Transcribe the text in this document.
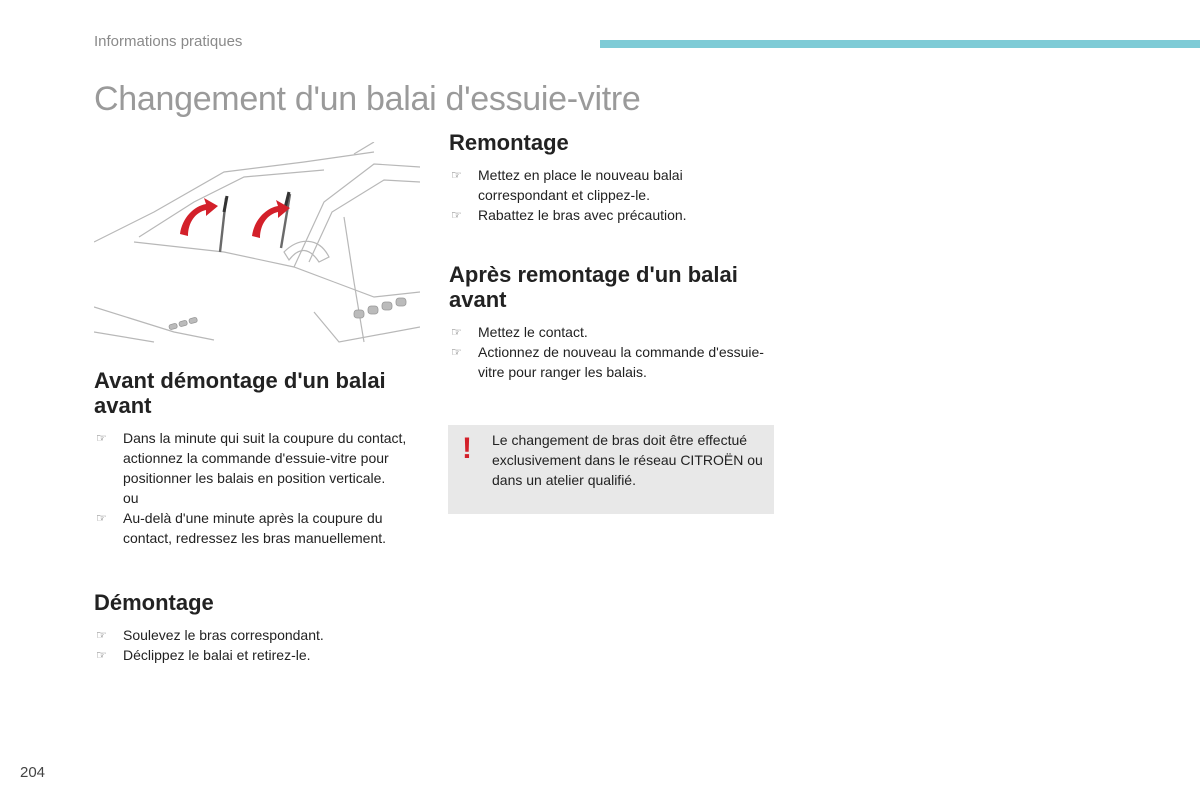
Informations pratiques
Changement d'un balai d'essuie-vitre
Avant démontage d'un balai avant
☞ Dans la minute qui suit la coupure du contact, actionnez la commande d'essuie-vitre pour positionner les balais en position verticale.
ou
☞ Au-delà d'une minute après la coupure du contact, redressez les bras manuellement.
Démontage
☞ Soulevez le bras correspondant.
☞ Déclippez le balai et retirez-le.
Remontage
☞ Mettez en place le nouveau balai correspondant et clippez-le.
☞ Rabattez le bras avec précaution.
Après remontage d'un balai avant
☞ Mettez le contact.
☞ Actionnez de nouveau la commande d'essuie-vitre pour ranger les balais.
! Le changement de bras doit être effectué exclusivement dans le réseau CITROËN ou dans un atelier qualifié.
204
